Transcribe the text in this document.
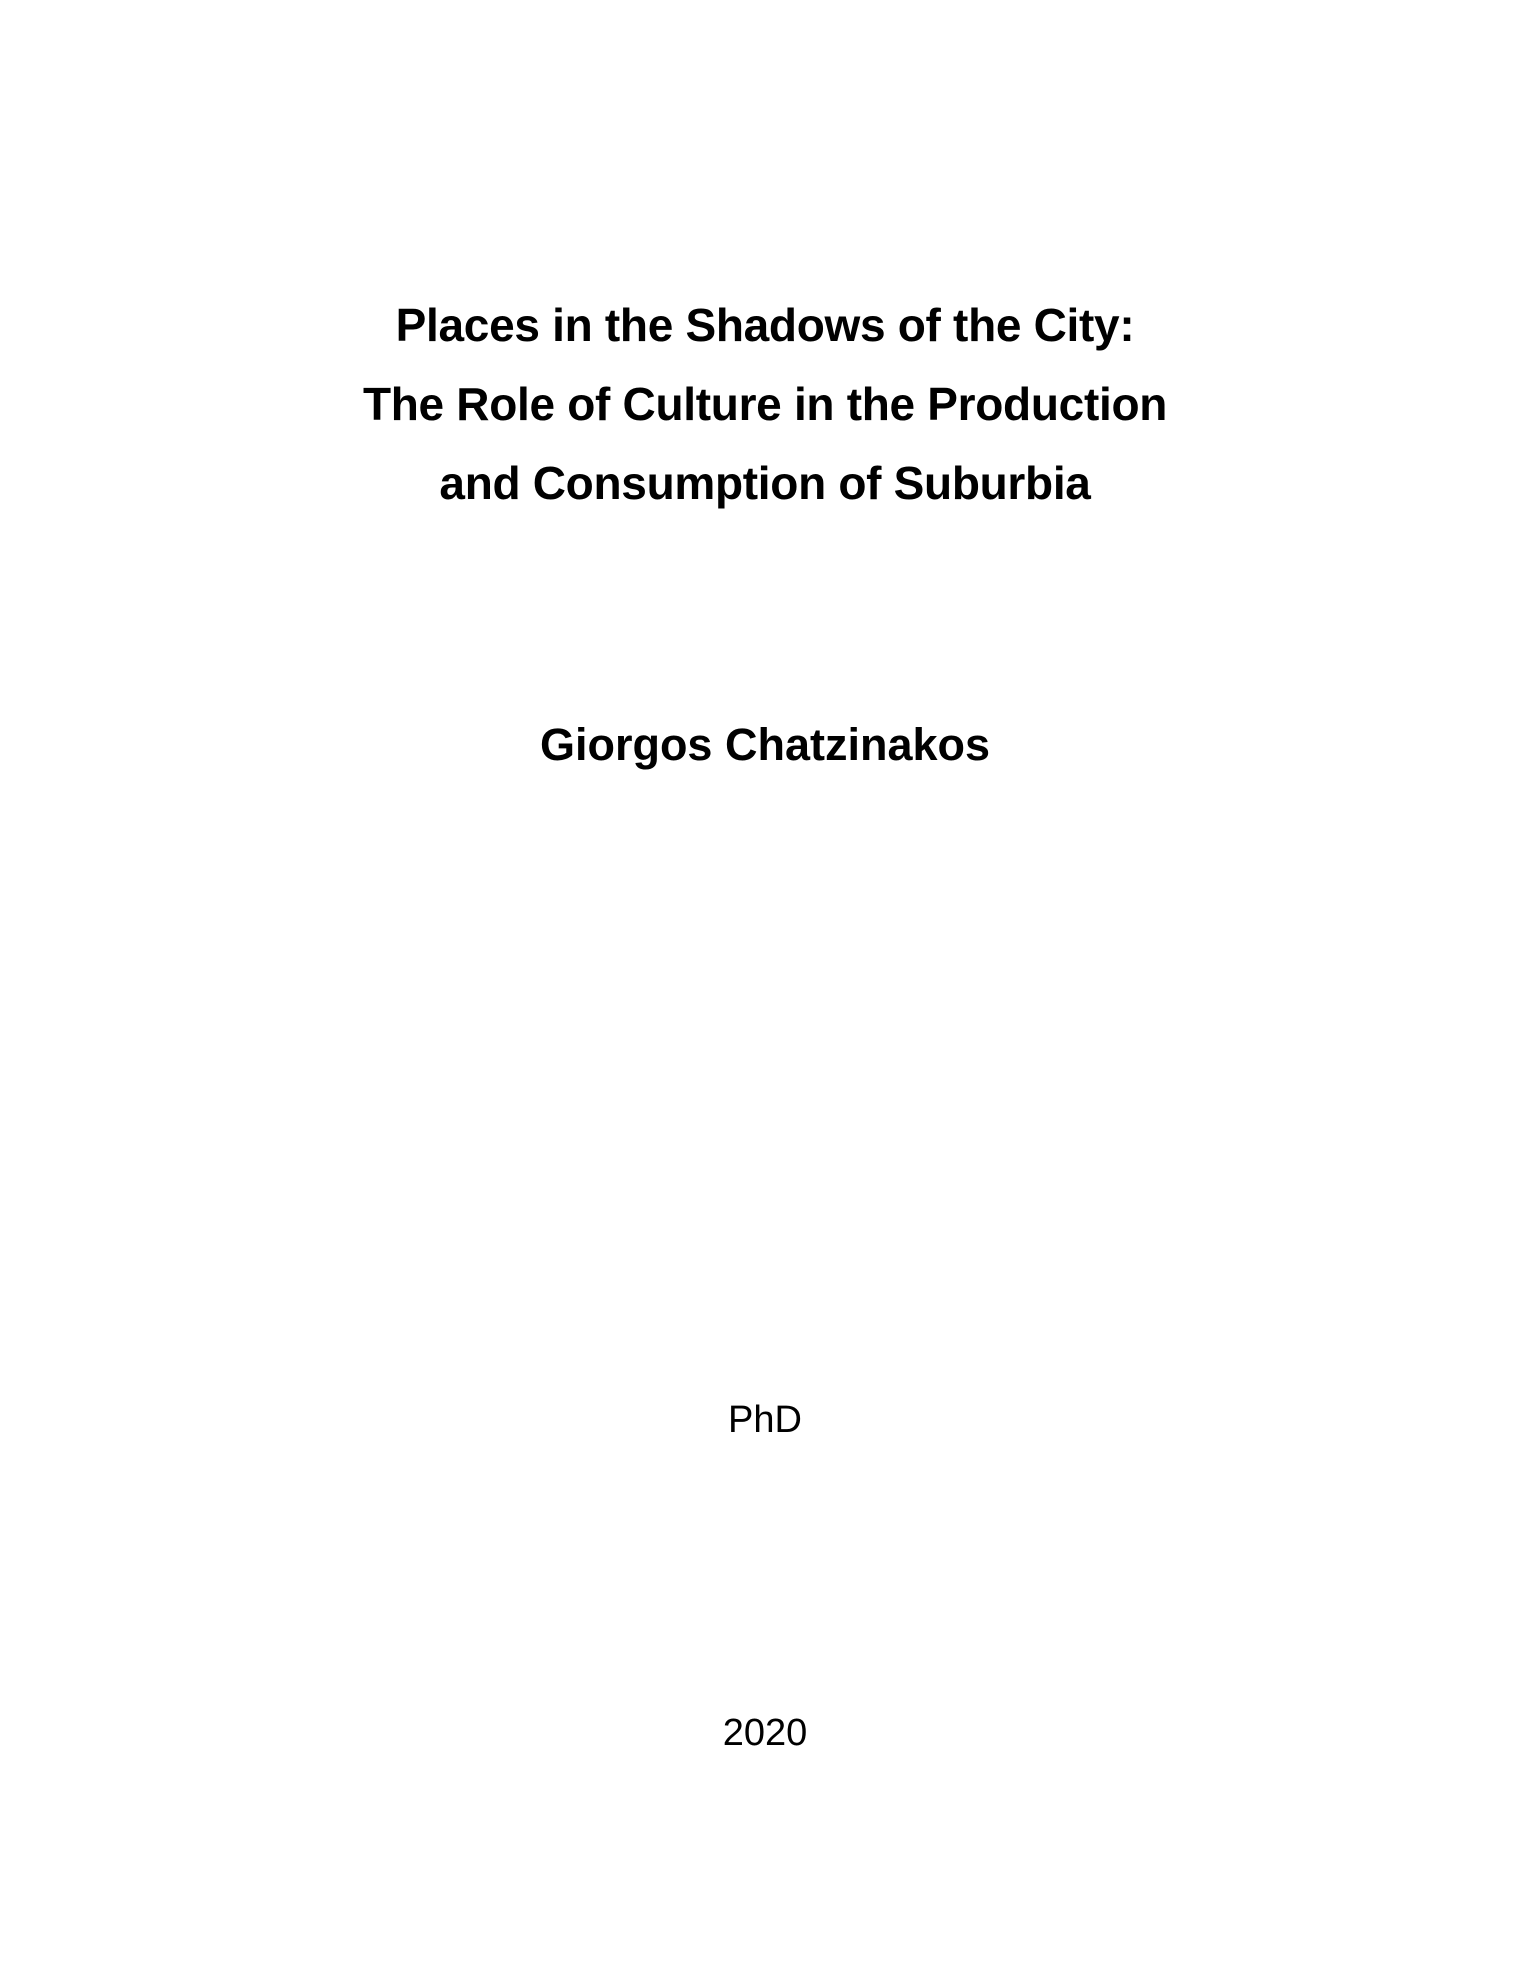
Places in the Shadows of the City:
The Role of Culture in the Production
and Consumption of Suburbia
Giorgos Chatzinakos
PhD
2020
